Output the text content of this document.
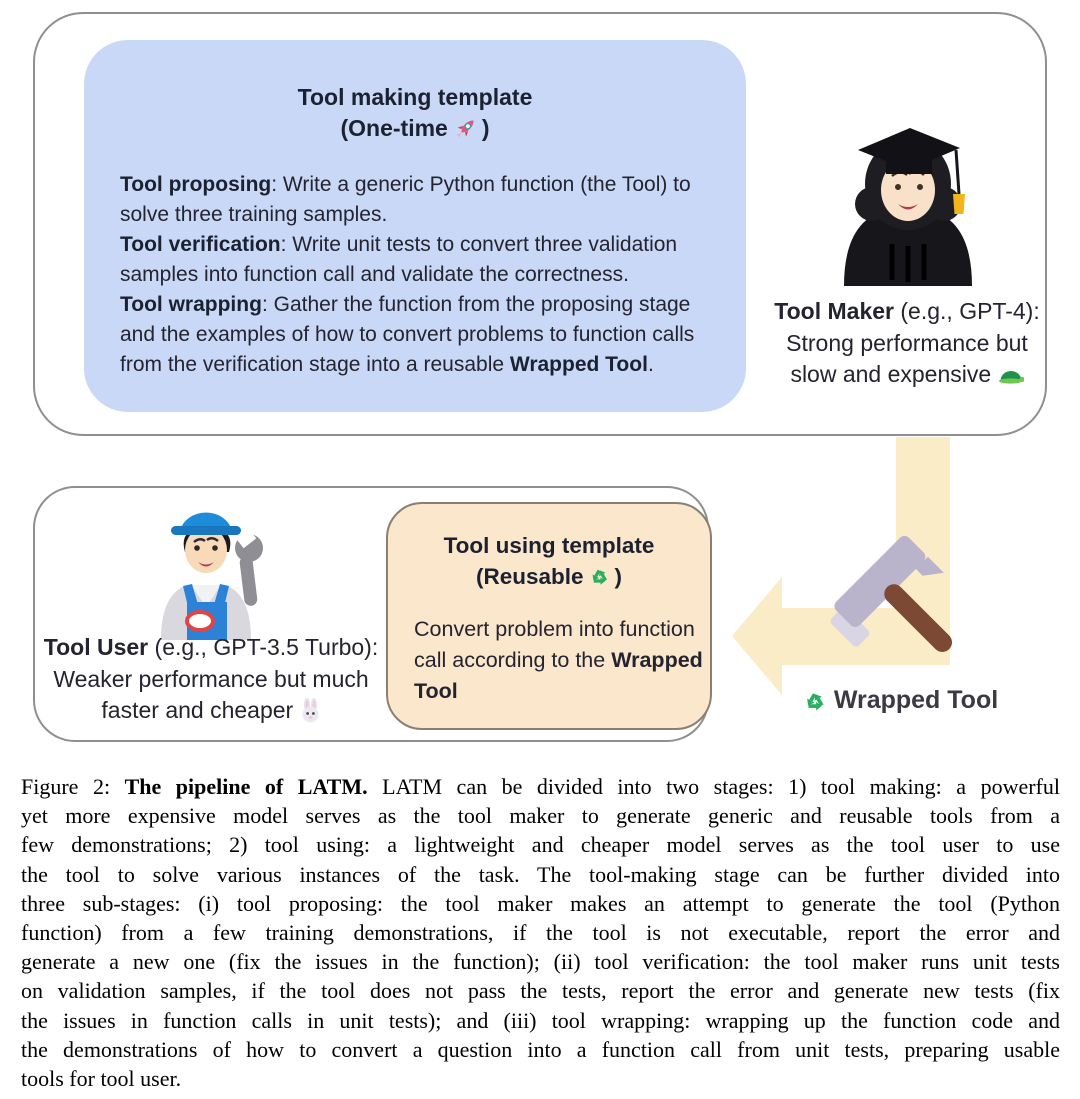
Tool making template
(One-time )
Tool proposing: Write a generic Python function (the Tool) to solve three training samples.
Tool verification: Write unit tests to convert three validation samples into function call and validate the correctness.
Tool wrapping: Gather the function from the proposing stage and the examples of how to convert problems to function calls from the verification stage into a reusable Wrapped Tool.
Tool Maker (e.g., GPT-4):
Strong performance but
slow and expensive
Wrapped Tool
Tool User (e.g., GPT-3.5 Turbo):
Weaker performance but much
faster and cheaper
Tool using template
(Reusable )
Convert problem into function call according to the Wrapped Tool
Figure 2: The pipeline of LATM. LATM can be divided into two stages: 1) tool making: a powerful
yet more expensive model serves as the tool maker to generate generic and reusable tools from a
few demonstrations; 2) tool using: a lightweight and cheaper model serves as the tool user to use
the tool to solve various instances of the task. The tool-making stage can be further divided into
three sub-stages: (i) tool proposing: the tool maker makes an attempt to generate the tool (Python
function) from a few training demonstrations, if the tool is not executable, report the error and
generate a new one (fix the issues in the function); (ii) tool verification: the tool maker runs unit tests
on validation samples, if the tool does not pass the tests, report the error and generate new tests (fix
the issues in function calls in unit tests); and (iii) tool wrapping: wrapping up the function code and
the demonstrations of how to convert a question into a function call from unit tests, preparing usable
tools for tool user.
